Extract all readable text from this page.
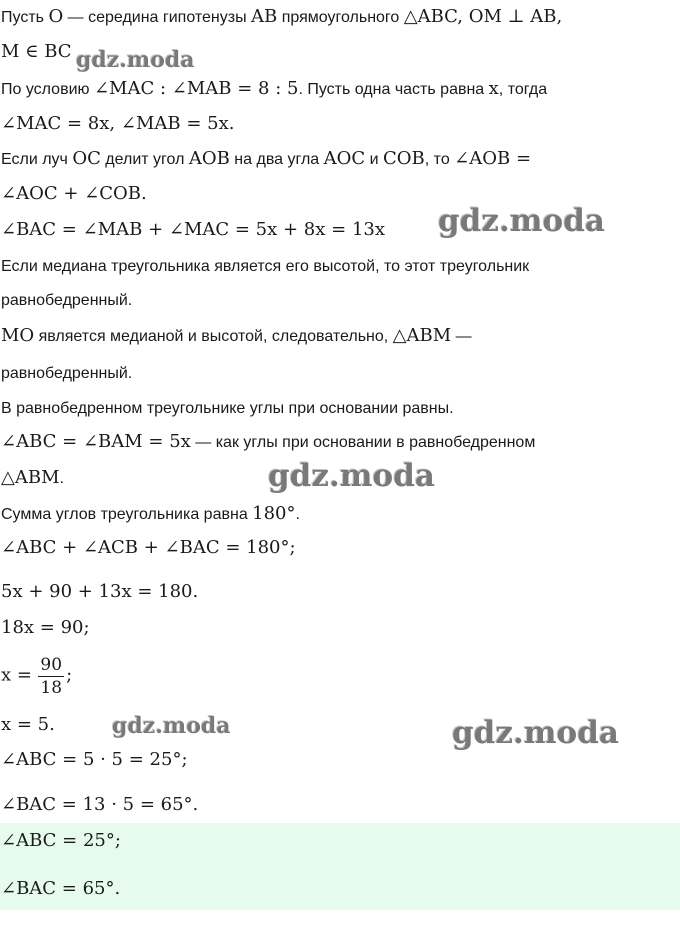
Пусть O — середина гипотенузы AB прямоугольного △ABC, OM ⊥ AB,

M ∈ BC

По условию ∠MAC : ∠MAB = 8 : 5. Пусть одна часть равна x, тогда

∠MAC = 8x, ∠MAB = 5x.

Если луч OC делит угол AOB на два угла AOC и COB, то ∠AOB =

∠AOC + ∠COB.

∠BAC = ∠MAB + ∠MAC = 5x + 8x = 13x

Если медиана треугольника является его высотой, то этот треугольник

равнобедренный.

MO является медианой и высотой, следовательно, △ABM —

равнобедренный.

В равнобедренном треугольнике углы при основании равны.

∠ABC = ∠BAM = 5x — как углы при основании в равнобедренном

△ABM.

Сумма углов треугольника равна 180°.

∠ABC + ∠ACB + ∠BAC = 180°;

5x + 90 + 13x = 180.

18x = 90;

$x = \frac{90}{18}$ ;

x = 5.

∠ABC = 5 · 5 = 25°;

∠BAC = 13 · 5 = 65°.

∠ABC = 25°;

∠BAC = 65°.

gdz.moda
gdz.moda
gdz.moda
gdz.moda	gdz.moda
